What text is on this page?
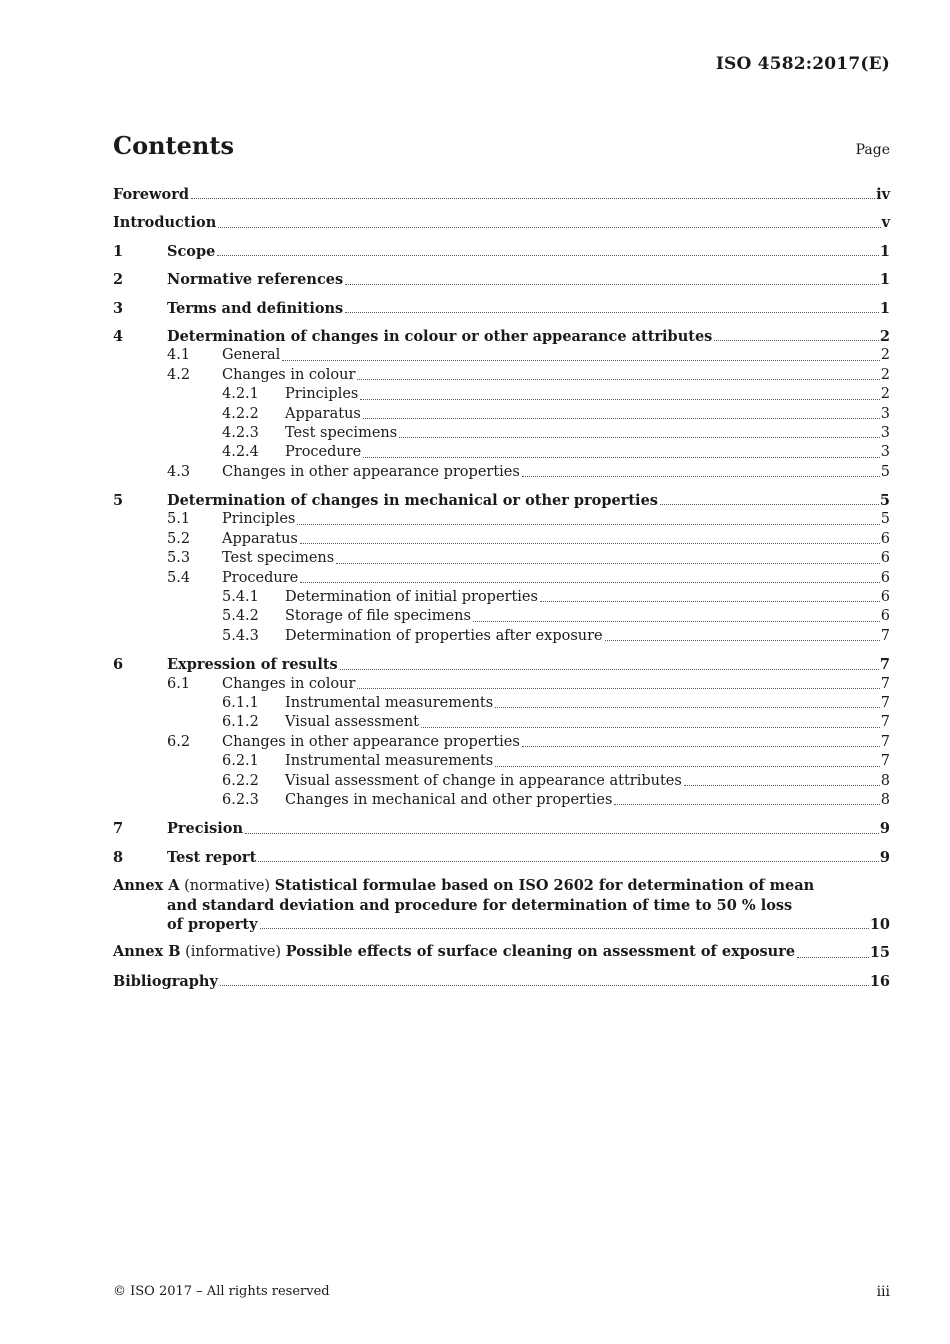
ISO 4582:2017(E)
Contents	Page
Foreword	iv
Introduction	v
1	Scope	1
2	Normative references	1
3	Terms and definitions	1
4	Determination of changes in colour or other appearance attributes	2
4.1	General	2
4.2	Changes in colour	2
4.2.1	Principles	2
4.2.2	Apparatus	3
4.2.3	Test specimens	3
4.2.4	Procedure	3
4.3	Changes in other appearance properties	5
5	Determination of changes in mechanical or other properties	5
5.1	Principles	5
5.2	Apparatus	6
5.3	Test specimens	6
5.4	Procedure	6
5.4.1	Determination of initial properties	6
5.4.2	Storage of file specimens	6
5.4.3	Determination of properties after exposure	7
6	Expression of results	7
6.1	Changes in colour	7
6.1.1	Instrumental measurements	7
6.1.2	Visual assessment	7
6.2	Changes in other appearance properties	7
6.2.1	Instrumental measurements	7
6.2.2	Visual assessment of change in appearance attributes	8
6.2.3	Changes in mechanical and other properties	8
7	Precision	9
8	Test report	9
Annex A (normative) Statistical formulae based on ISO 2602 for determination of mean
and standard deviation and procedure for determination of time to 50 % loss
of property	10
Annex B (informative) Possible effects of surface cleaning on assessment of exposure	15
Bibliography	16
© ISO 2017 – All rights reserved	iii
